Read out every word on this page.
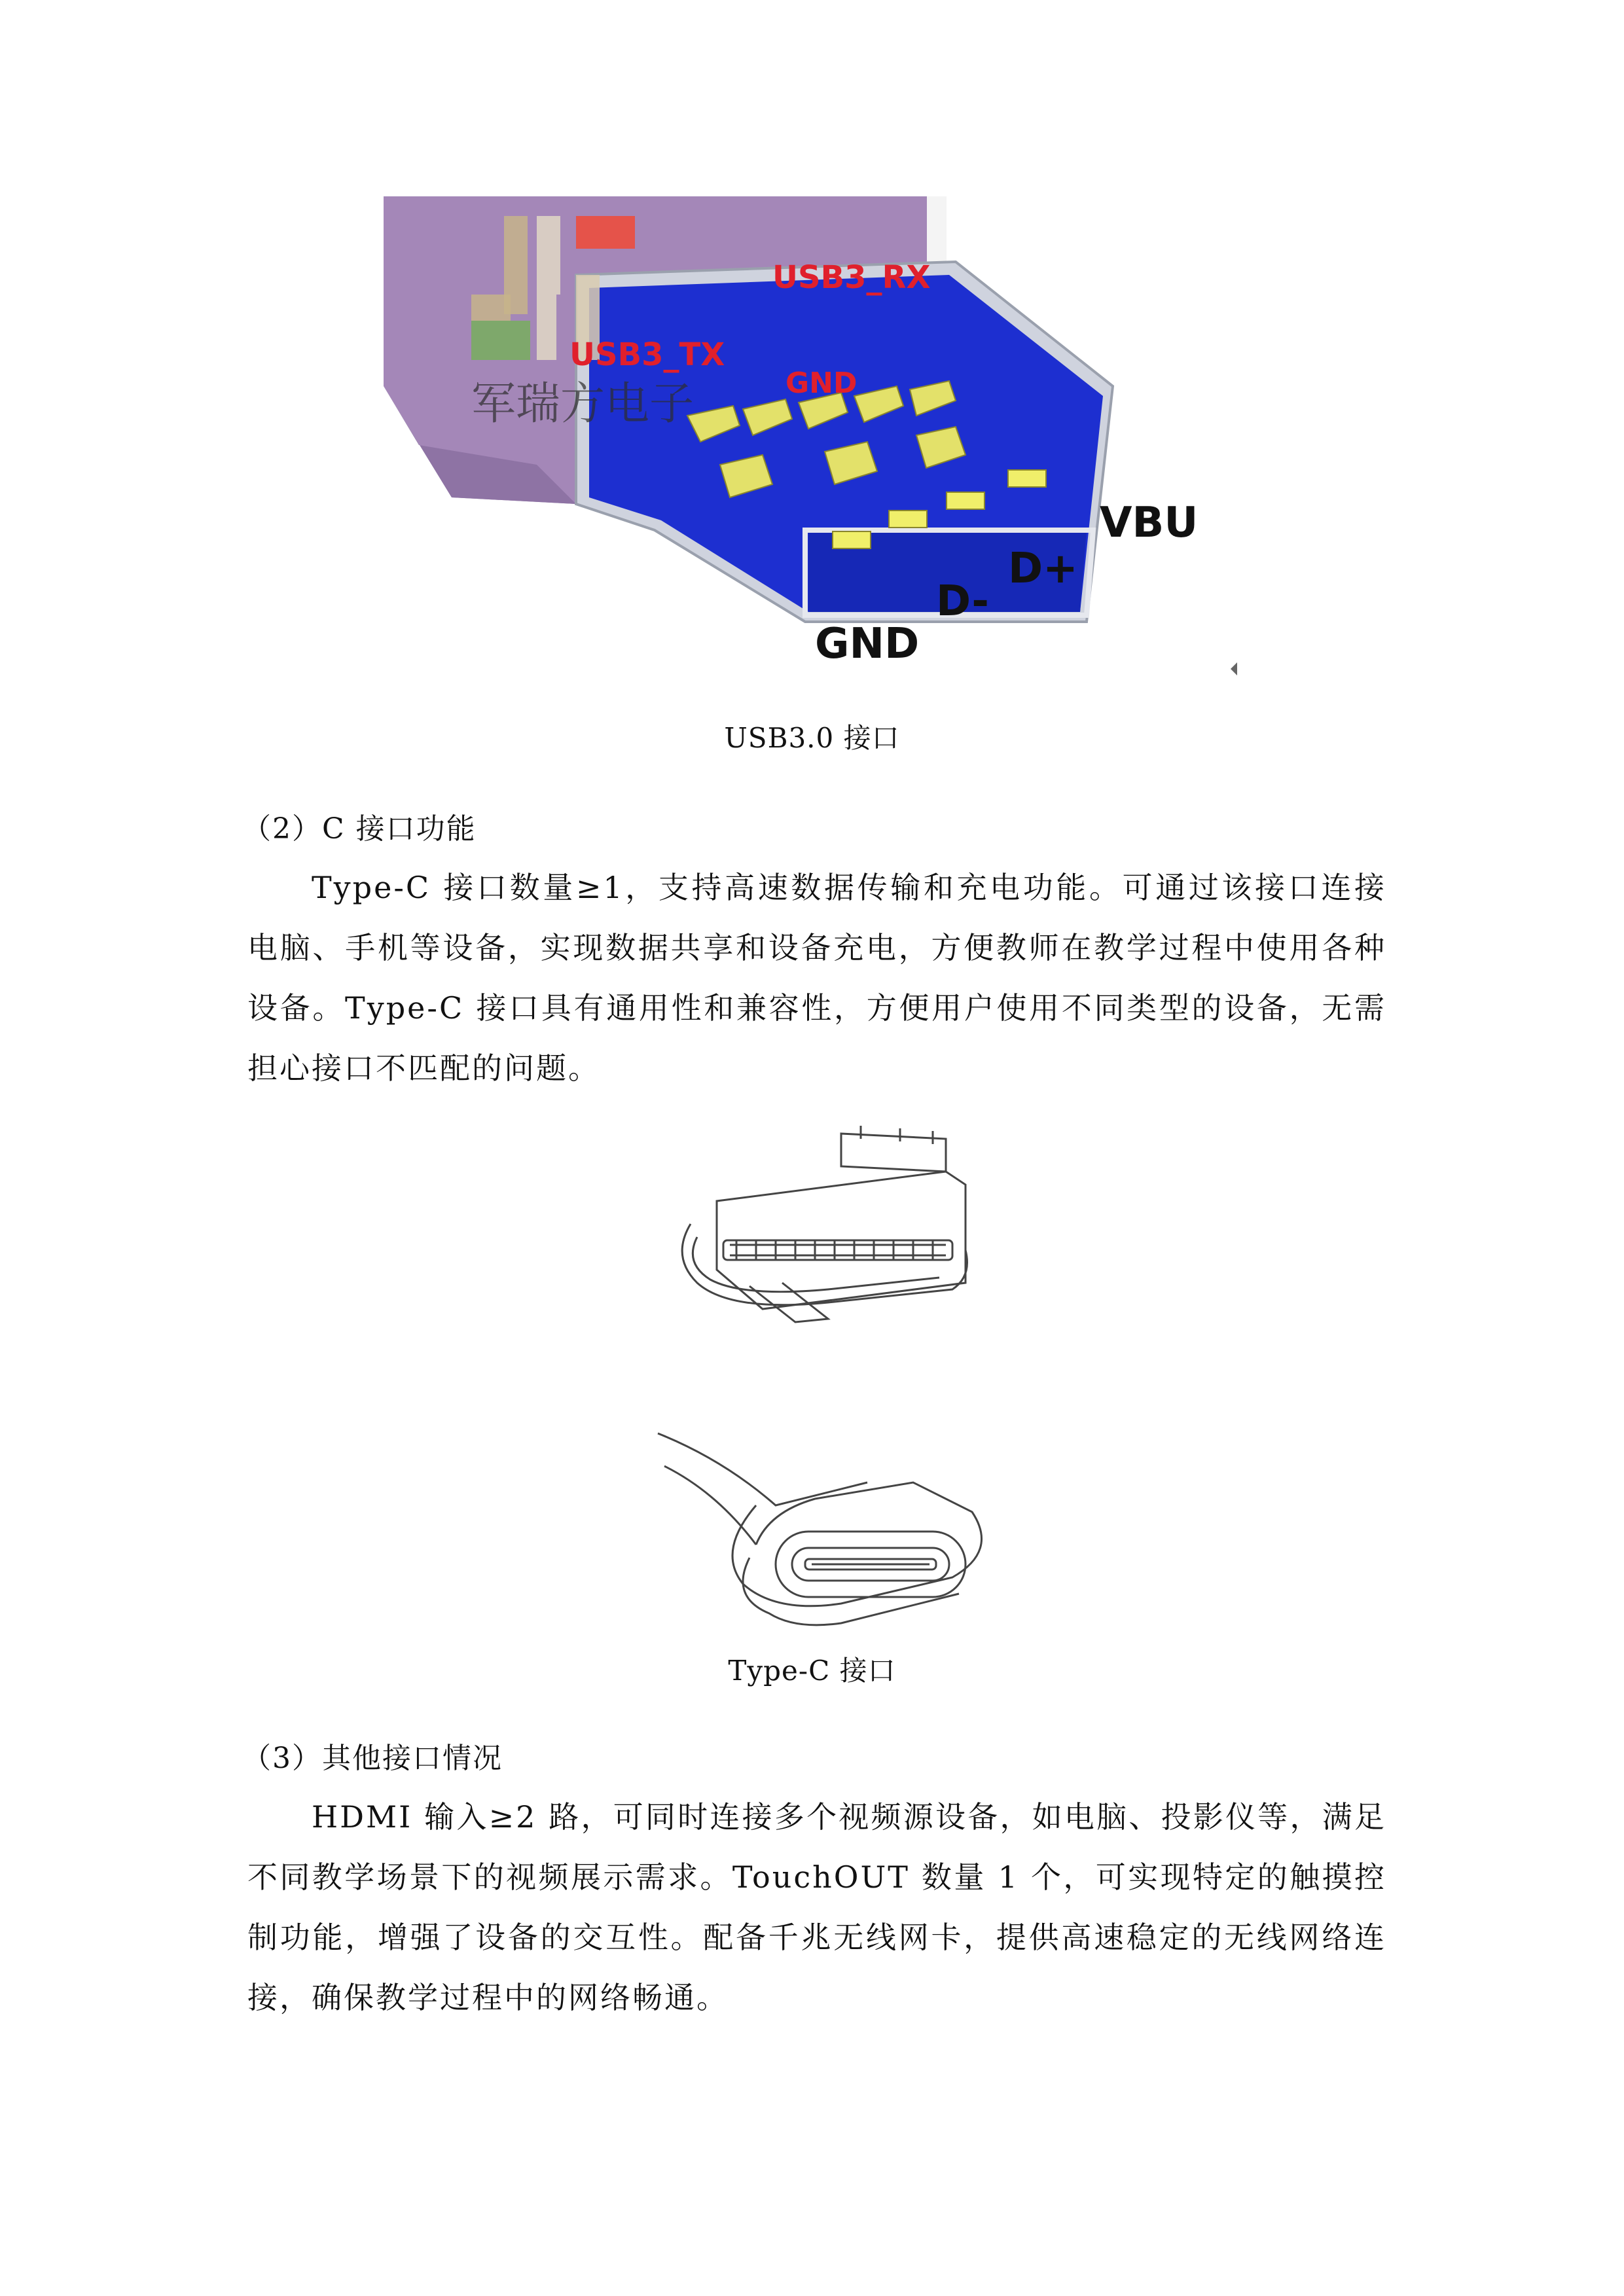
军瑞方电子
USB3_RX
USB3_TX
GND
VBU
D+
D-
GND
USB3.0 接口
（2）C 接口功能

Type-C 接口数量≥1，支持高速数据传输和充电功能。可通过该接口连接电脑、手机等设备，实现数据共享和设备充电，方便教师在教学过程中使用各种设备。Type-C 接口具有通用性和兼容性，方便用户使用不同类型的设备，无需担心接口不匹配的问题。

Type-C 接口
（3）其他接口情况

HDMI 输入≥2 路，可同时连接多个视频源设备，如电脑、投影仪等，满足不同教学场景下的视频展示需求。TouchOUT 数量 1 个，可实现特定的触摸控制功能，增强了设备的交互性。配备千兆无线网卡，提供高速稳定的无线网络连接，确保教学过程中的网络畅通。
